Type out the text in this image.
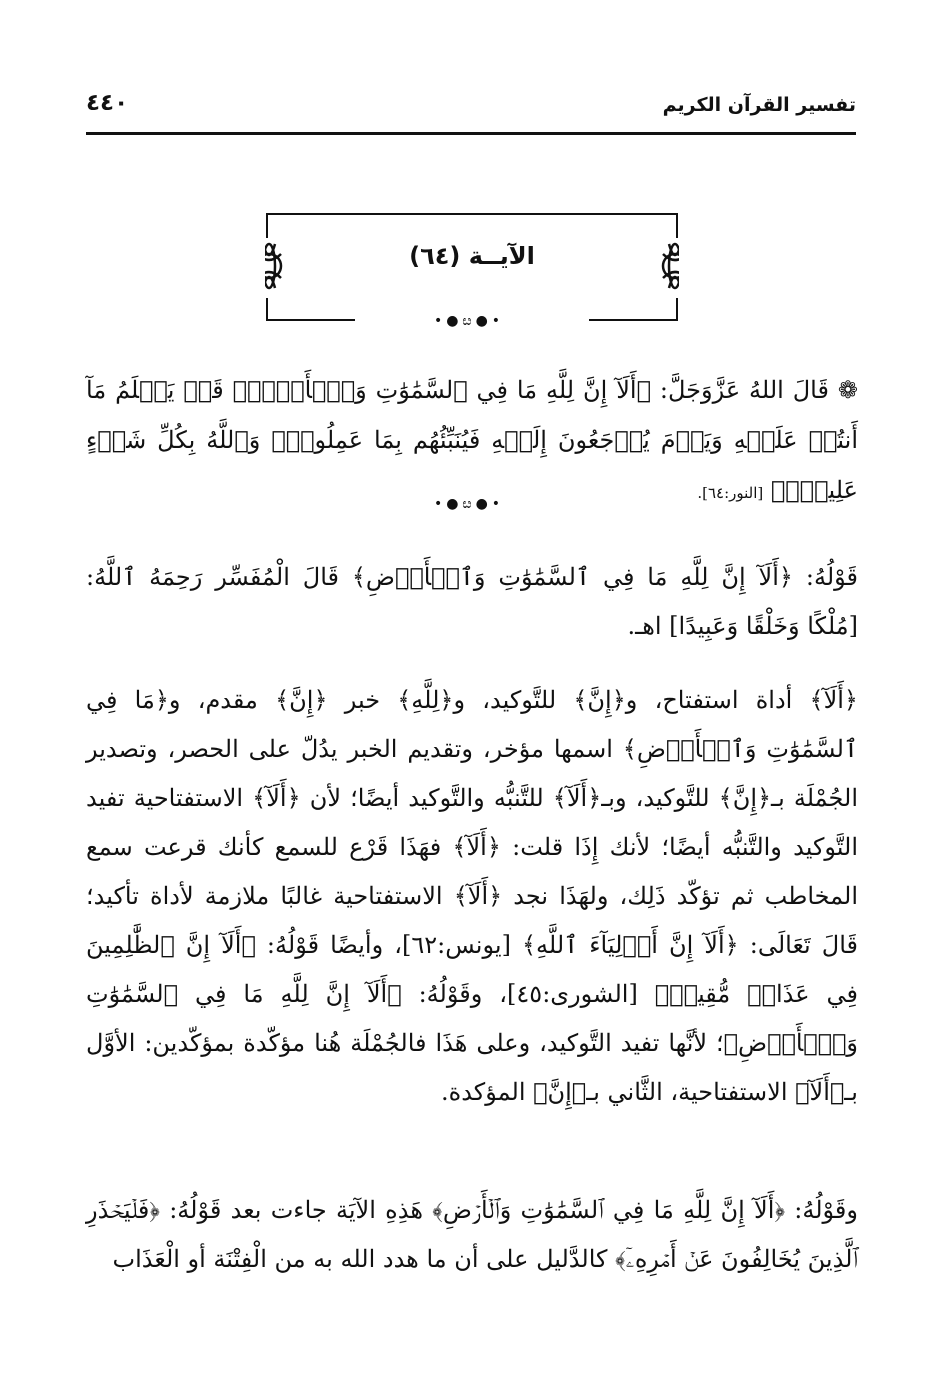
تفسير القرآن الكريم
٤٤٠
الآيــة (٦٤)
•●ೞ●•
❁ قَالَ اللهُ عَزَّوَجَلَّ: ﴿أَلَآ إِنَّ لِلَّهِ مَا فِي ٱلسَّمَٰوَٰتِ وَٱلۡأَرۡضِۖ قَدۡ يَعۡلَمُ مَآ أَنتُمۡ عَلَيۡهِ وَيَوۡمَ يُرۡجَعُونَ إِلَيۡهِ فَيُنَبِّئُهُم بِمَا عَمِلُواْۗ وَٱللَّهُ بِكُلِّ شَيۡءٍ عَلِيمُۢ﴾ [النور:٦٤].
•●ೞ●•
قَوْلُهُ: ﴿أَلَآ إِنَّ لِلَّهِ مَا فِي ٱلسَّمَٰوَٰتِ وَٱلۡأَرۡضِ﴾ قَالَ الْمُفَسِّر رَحِمَهُ ٱللَّهُ: [مُلْكًا وَخَلْقًا وَعَبِيدًا] اهـ.
﴿أَلَآ﴾ أداة استفتاح، و﴿إِنَّ﴾ للتَّوكيد، و﴿لِلَّهِ﴾ خبر ﴿إِنَّ﴾ مقدم، و﴿مَا فِي ٱلسَّمَٰوَٰتِ وَٱلۡأَرۡضِ﴾ اسمها مؤخر، وتقديم الخبر يدُلّ على الحصر، وتصدير الجُمْلَة بـ﴿إِنَّ﴾ للتَّوكيد، وبـ﴿أَلَآ﴾ للتَّنبُّه والتَّوكيد أيضًا؛ لأن ﴿أَلَآ﴾ الاستفتاحية تفيد التَّوكيد والتَّنبُّه أيضًا؛ لأنك إِذَا قلت: ﴿أَلَآ﴾ فهَذَا قَرْع للسمع كأنك قرعت سمع المخاطب ثم تؤكّد ذَلِك، ولهَذَا نجد ﴿أَلَآ﴾ الاستفتاحية غالبًا ملازمة لأداة تأكيد؛ قَالَ تَعَالَى: ﴿أَلَآ إِنَّ أَوۡلِيَآءَ ٱللَّهِ﴾ [يونس:٦٢]، وأيضًا قَوْلُهُ: ﴿أَلَآ إِنَّ ٱلظَّٰلِمِينَ فِي عَذَابٖ مُّقِيمٖ﴾ [الشورى:٤٥]، وقَوْلُهُ: ﴿أَلَآ إِنَّ لِلَّهِ مَا فِي ٱلسَّمَٰوَٰتِ وَٱلۡأَرۡضِ﴾؛ لأنَّها تفيد التَّوكيد، وعلى هَذَا فالجُمْلَة هُنا مؤكّدة بمؤكّدين: الأوَّل بـ﴿أَلَآ﴾ الاستفتاحية، الثَّاني بـ﴿إِنَّ﴾ المؤكدة.
وقَوْلُهُ: ﴿أَلَآ إِنَّ لِلَّهِ مَا فِي ٱلسَّمَٰوَٰتِ وَٱلۡأَرۡضِ﴾ هَذِهِ الآيَة جاءت بعد قَوْلُهُ: ﴿فَلۡيَحۡذَرِ ٱلَّذِينَ يُخَالِفُونَ عَنۡ أَمۡرِهِۦٓ﴾ كالدَّليل على أن ما هدد الله به من الْفِتْنَة أو الْعَذَاب
